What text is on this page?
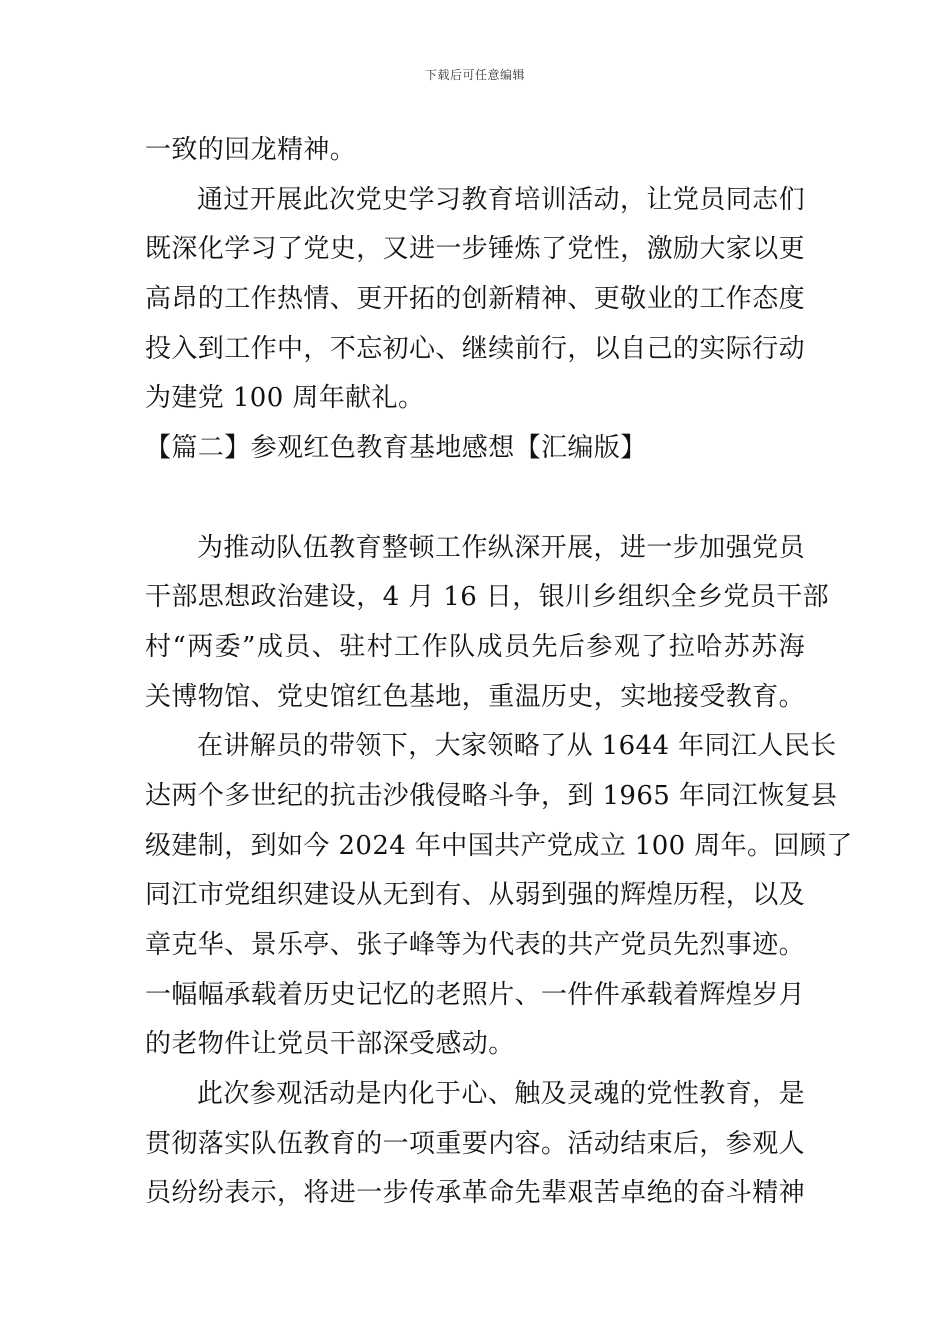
下载后可任意编辑
一致的回龙精神。
通过开展此次党史学习教育培训活动，让党员同志们
既深化学习了党史，又进一步锤炼了党性，激励大家以更
高昂的工作热情、更开拓的创新精神、更敬业的工作态度
投入到工作中，不忘初心、继续前行，以自己的实际行动
为建党 100 周年献礼。
【篇二】参观红色教育基地感想【汇编版】
为推动队伍教育整顿工作纵深开展，进一步加强党员
干部思想政治建设，4 月 16 日，银川乡组织全乡党员干部
村“两委”成员、驻村工作队成员先后参观了拉哈苏苏海
关博物馆、党史馆红色基地，重温历史，实地接受教育。
在讲解员的带领下，大家领略了从 1644 年同江人民长
达两个多世纪的抗击沙俄侵略斗争，到 1965 年同江恢复县
级建制，到如今 2024 年中国共产党成立 100 周年。回顾了
同江市党组织建设从无到有、从弱到强的辉煌历程，以及
章克华、景乐亭、张子峰等为代表的共产党员先烈事迹。
一幅幅承载着历史记忆的老照片、一件件承载着辉煌岁月
的老物件让党员干部深受感动。
此次参观活动是内化于心、触及灵魂的党性教育，是
贯彻落实队伍教育的一项重要内容。活动结束后，参观人
员纷纷表示，将进一步传承革命先辈艰苦卓绝的奋斗精神
